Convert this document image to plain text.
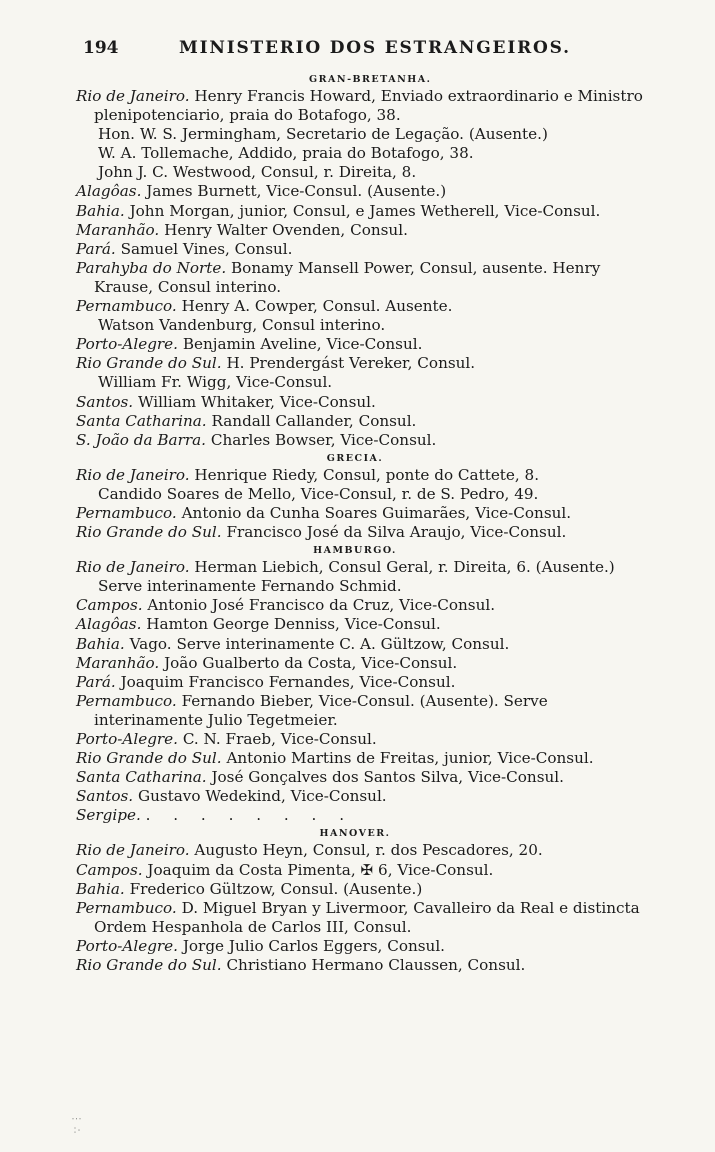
194	MINISTERIO DOS ESTRANGEIROS.
GRAN-BRETANHA.

Rio de Janeiro. Henry Francis Howard, Enviado extraordinario e Ministro plenipotenciario, praia do Botafogo, 38.

Hon. W. S. Jermingham, Secretario de Legação. (Ausente.)

W. A. Tollemache, Addido, praia do Botafogo, 38.

John J. C. Westwood, Consul, r. Direita, 8.

Alagôas. James Burnett, Vice-Consul. (Ausente.)

Bahia. John Morgan, junior, Consul, e James Wetherell, Vice-Consul.

Maranhão. Henry Walter Ovenden, Consul.

Pará. Samuel Vines, Consul.

Parahyba do Norte. Bonamy Mansell Power, Consul, ausente. Henry Krause, Consul interino.

Pernambuco. Henry A. Cowper, Consul. Ausente.

Watson Vandenburg, Consul interino.

Porto-Alegre. Benjamin Aveline, Vice-Consul.

Rio Grande do Sul. H. Prendergást Vereker, Consul.

William Fr. Wigg, Vice-Consul.

Santos. William Whitaker, Vice-Consul.

Santa Catharina. Randall Callander, Consul.

S. João da Barra. Charles Bowser, Vice-Consul.

GRECIA.

Rio de Janeiro. Henrique Riedy, Consul, ponte do Cattete, 8.

Candido Soares de Mello, Vice-Consul, r. de S. Pedro, 49.

Pernambuco. Antonio da Cunha Soares Guimarães, Vice-Consul.

Rio Grande do Sul. Francisco José da Silva Araujo, Vice-Consul.

HAMBURGO.

Rio de Janeiro. Herman Liebich, Consul Geral, r. Direita, 6. (Ausente.)

Serve interinamente Fernando Schmid.

Campos. Antonio José Francisco da Cruz, Vice-Consul.

Alagôas. Hamton George Denniss, Vice-Consul.

Bahia. Vago. Serve interinamente C. A. Gültzow, Consul.

Maranhão. João Gualberto da Costa, Vice-Consul.

Pará. Joaquim Francisco Fernandes, Vice-Consul.

Pernambuco. Fernando Bieber, Vice-Consul. (Ausente). Serve interinamente Julio Tegetmeier.

Porto-Alegre. C. N. Fraeb, Vice-Consul.

Rio Grande do Sul. Antonio Martins de Freitas, junior, Vice-Consul.

Santa Catharina. José Gonçalves dos Santos Silva, Vice-Consul.

Santos. Gustavo Wedekind, Vice-Consul.

Sergipe. . . . . . . . .

HANOVER.

Rio de Janeiro. Augusto Heyn, Consul, r. dos Pescadores, 20.

Campos. Joaquim da Costa Pimenta, ✠ 6, Vice-Consul.

Bahia. Frederico Gültzow, Consul. (Ausente.)

Pernambuco. D. Miguel Bryan y Livermoor, Cavalleiro da Real e distincta Ordem Hespanhola de Carlos III, Consul.

Porto-Alegre. Jorge Julio Carlos Eggers, Consul.

Rio Grande do Sul. Christiano Hermano Claussen, Consul.

⋮ ∴
